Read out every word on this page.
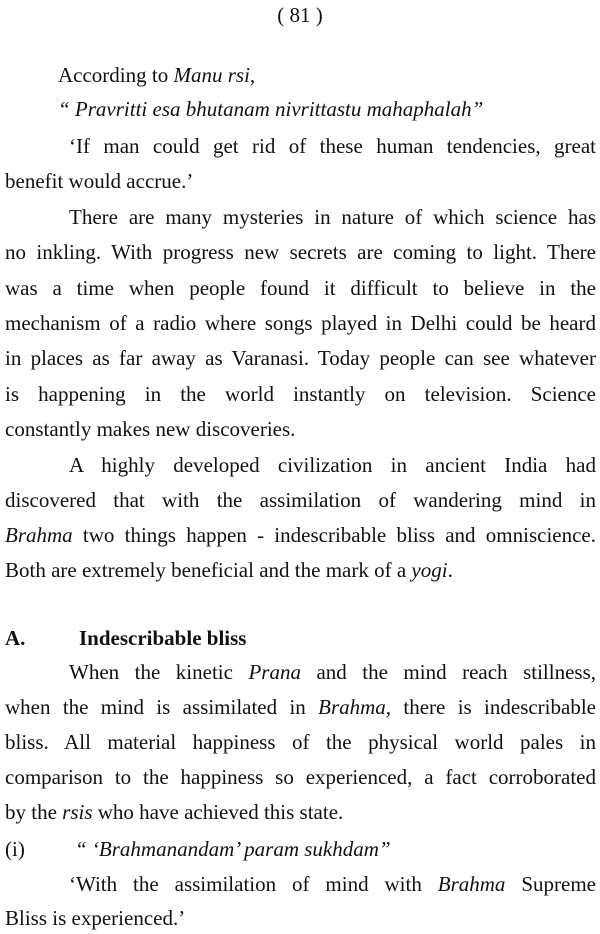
( 81 )
According to Manu rsi,
“ Pravritti esa bhutanam nivrittastu mahaphalah”
‘If man could get rid of these human tendencies, great
benefit would accrue.’
There are many mysteries in nature of which science has
no inkling. With progress new secrets are coming to light. There
was a time when people found it difficult to believe in the
mechanism of a radio where songs played in Delhi could be heard
in places as far away as Varanasi. Today people can see whatever
is happening in the world instantly on television. Science
constantly makes new discoveries.
A highly developed civilization in ancient India had
discovered that with the assimilation of wandering mind in
Brahma two things happen - indescribable bliss and omniscience.
Both are extremely beneficial and the mark of a yogi.
A.	Indescribable bliss
When the kinetic Prana and the mind reach stillness,
when the mind is assimilated in Brahma, there is indescribable
bliss. All material happiness of the physical world pales in
comparison to the happiness so experienced, a fact corroborated
by the rsis who have achieved this state.
(i) “ ‘Brahmanandam’ param sukhdam”
‘With the assimilation of mind with Brahma Supreme
Bliss is experienced.’
